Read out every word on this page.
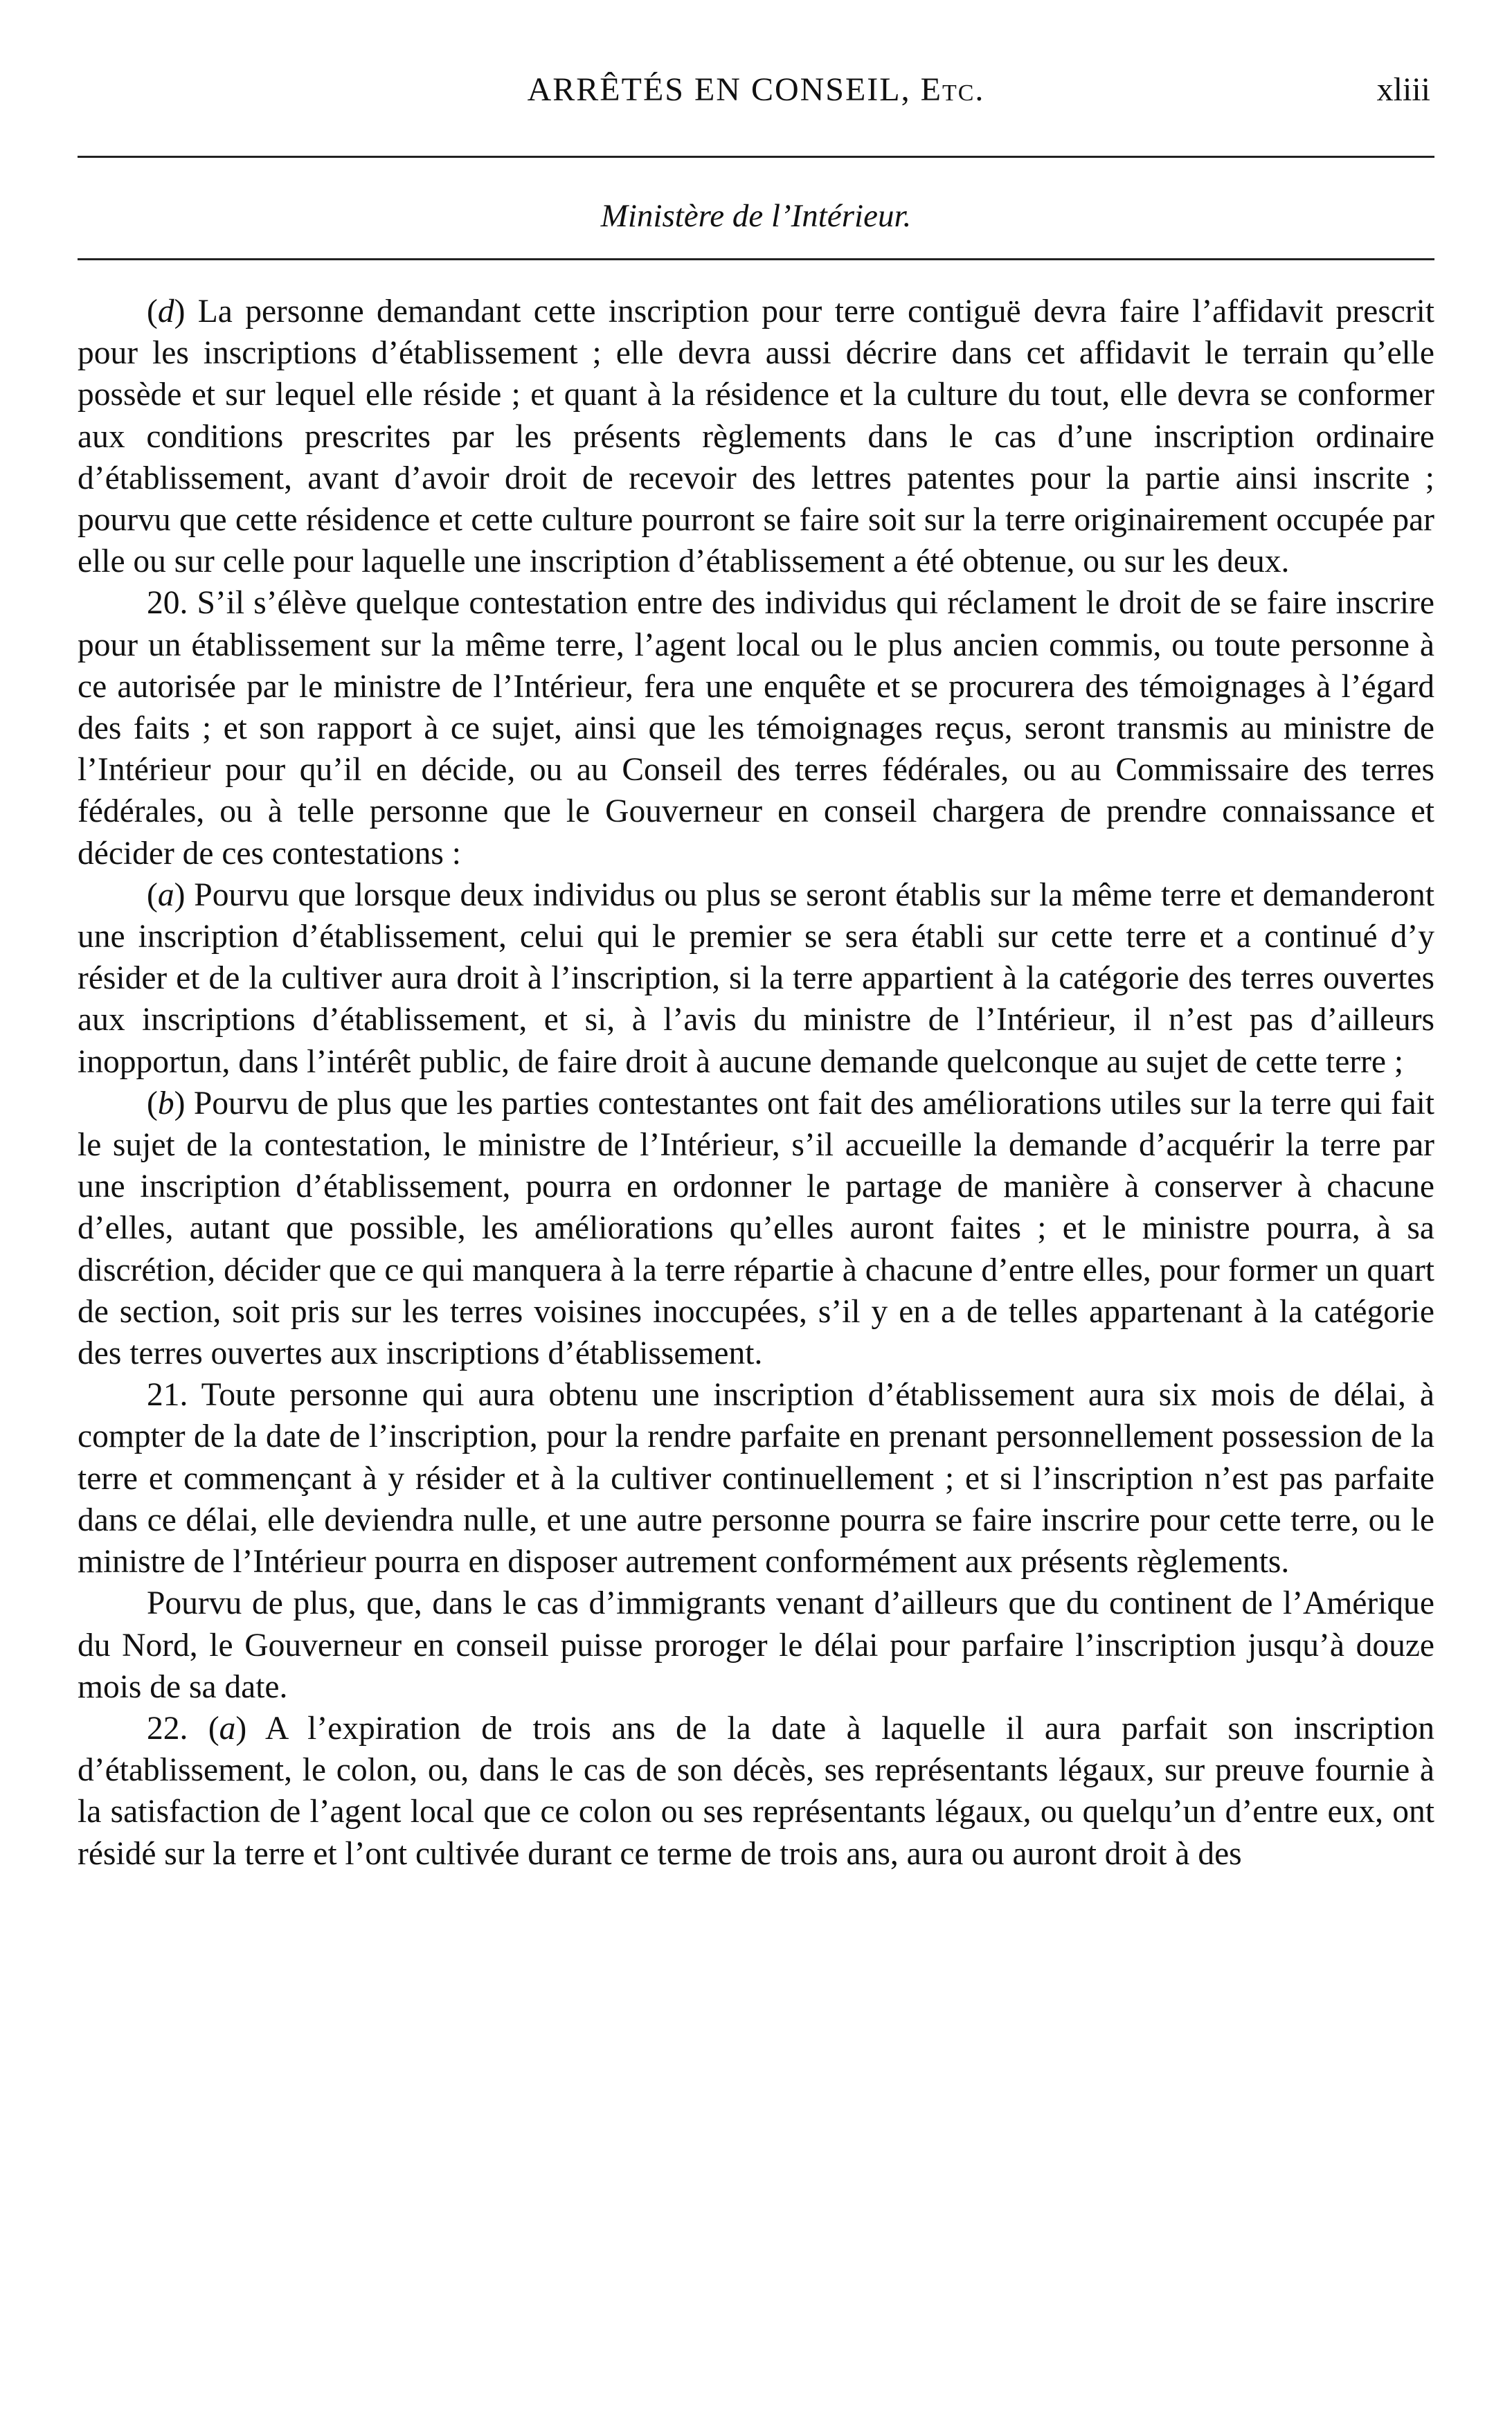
ARRÊTÉS EN CONSEIL, Etc.	xliii
Ministère de l’Intérieur.

(d) La personne demandant cette inscription pour terre contiguë devra faire l’affidavit prescrit pour les inscriptions d’établissement ; elle devra aussi décrire dans cet affidavit le terrain qu’elle possède et sur lequel elle réside ; et quant à la résidence et la culture du tout, elle devra se conformer aux conditions prescrites par les présents règlements dans le cas d’une inscription ordinaire d’établissement, avant d’avoir droit de recevoir des lettres patentes pour la partie ainsi inscrite ; pourvu que cette résidence et cette culture pourront se faire soit sur la terre originairement occupée par elle ou sur celle pour laquelle une inscription d’établissement a été obtenue, ou sur les deux.

20. S’il s’élève quelque contestation entre des individus qui réclament le droit de se faire inscrire pour un établissement sur la même terre, l’agent local ou le plus ancien commis, ou toute personne à ce autorisée par le ministre de l’Intérieur, fera une enquête et se procurera des témoignages à l’égard des faits ; et son rapport à ce sujet, ainsi que les témoignages reçus, seront transmis au ministre de l’Intérieur pour qu’il en décide, ou au Conseil des terres fédérales, ou au Commissaire des terres fédérales, ou à telle personne que le Gouverneur en conseil chargera de prendre connaissance et décider de ces contestations :

(a) Pourvu que lorsque deux individus ou plus se seront établis sur la même terre et demanderont une inscription d’établissement, celui qui le premier se sera établi sur cette terre et a continué d’y résider et de la cultiver aura droit à l’inscription, si la terre appartient à la catégorie des terres ouvertes aux inscriptions d’établissement, et si, à l’avis du ministre de l’Intérieur, il n’est pas d’ailleurs inopportun, dans l’intérêt public, de faire droit à aucune demande quelconque au sujet de cette terre ;

(b) Pourvu de plus que les parties contestantes ont fait des améliorations utiles sur la terre qui fait le sujet de la contestation, le ministre de l’Intérieur, s’il accueille la demande d’acquérir la terre par une inscription d’établissement, pourra en ordonner le partage de manière à conserver à chacune d’elles, autant que possible, les améliorations qu’elles auront faites ; et le ministre pourra, à sa discrétion, décider que ce qui manquera à la terre répartie à chacune d’entre elles, pour former un quart de section, soit pris sur les terres voisines inoccupées, s’il y en a de telles appartenant à la catégorie des terres ouvertes aux inscriptions d’établissement.

21. Toute personne qui aura obtenu une inscription d’établissement aura six mois de délai, à compter de la date de l’inscription, pour la rendre parfaite en prenant personnellement possession de la terre et commençant à y résider et à la cultiver continuellement ; et si l’inscription n’est pas parfaite dans ce délai, elle deviendra nulle, et une autre personne pourra se faire inscrire pour cette terre, ou le ministre de l’Intérieur pourra en disposer autrement conformément aux présents règlements.

Pourvu de plus, que, dans le cas d’immigrants venant d’ailleurs que du continent de l’Amérique du Nord, le Gouverneur en conseil puisse proroger le délai pour parfaire l’inscription jusqu’à douze mois de sa date.

22. (a) A l’expiration de trois ans de la date à laquelle il aura parfait son inscription d’établissement, le colon, ou, dans le cas de son décès, ses représentants légaux, sur preuve fournie à la satisfaction de l’agent local que ce colon ou ses représentants légaux, ou quelqu’un d’entre eux, ont résidé sur la terre et l’ont cultivée durant ce terme de trois ans, aura ou auront droit à des
